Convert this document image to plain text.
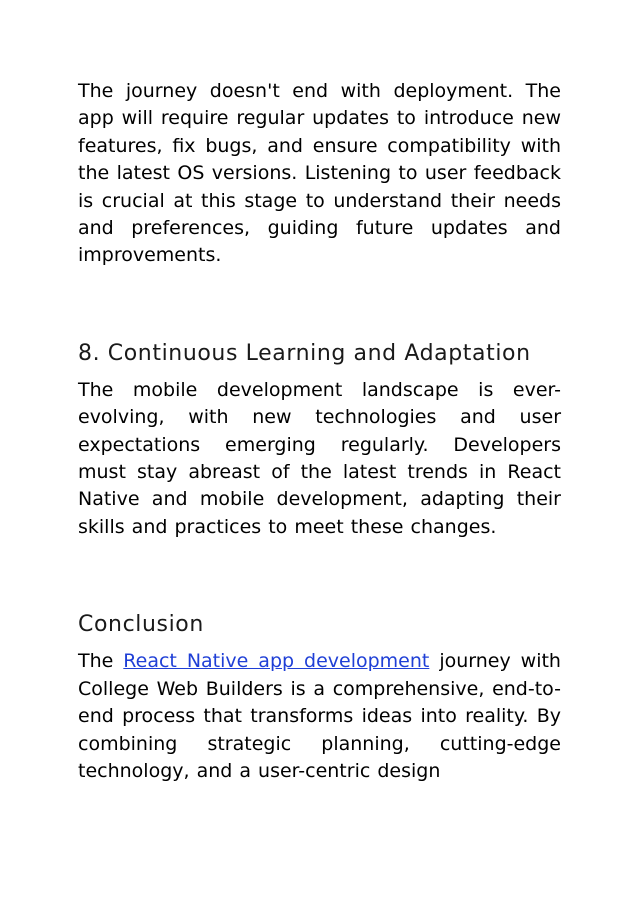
The journey doesn't end with deployment. The app will require regular updates to introduce new features, fix bugs, and ensure compatibility with the latest OS versions. Listening to user feedback is crucial at this stage to understand their needs and preferences, guiding future updates and improvements.

8. Continuous Learning and Adaptation

The mobile development landscape is ever-evolving, with new technologies and user expectations emerging regularly. Developers must stay abreast of the latest trends in React Native and mobile development, adapting their skills and practices to meet these changes.

Conclusion

The React Native app development journey with College Web Builders is a comprehensive, end-to-end process that transforms ideas into reality. By combining strategic planning, cutting-edge technology, and a user-centric design
